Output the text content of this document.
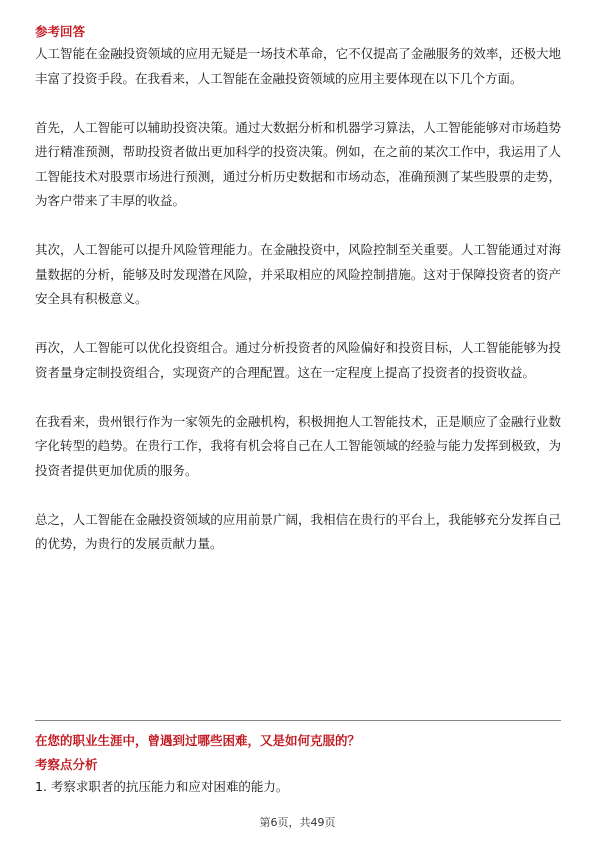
参考回答

人工智能在金融投资领域的应用无疑是一场技术革命，它不仅提高了金融服务的效率，还极大地丰富了投资手段。在我看来，人工智能在金融投资领域的应用主要体现在以下几个方面。

首先，人工智能可以辅助投资决策。通过大数据分析和机器学习算法，人工智能能够对市场趋势进行精准预测，帮助投资者做出更加科学的投资决策。例如，在之前的某次工作中，我运用了人工智能技术对股票市场进行预测，通过分析历史数据和市场动态，准确预测了某些股票的走势，为客户带来了丰厚的收益。

其次，人工智能可以提升风险管理能力。在金融投资中，风险控制至关重要。人工智能通过对海量数据的分析，能够及时发现潜在风险，并采取相应的风险控制措施。这对于保障投资者的资产安全具有积极意义。

再次，人工智能可以优化投资组合。通过分析投资者的风险偏好和投资目标，人工智能能够为投资者量身定制投资组合，实现资产的合理配置。这在一定程度上提高了投资者的投资收益。

在我看来，贵州银行作为一家领先的金融机构，积极拥抱人工智能技术，正是顺应了金融行业数字化转型的趋势。在贵行工作，我将有机会将自己在人工智能领域的经验与能力发挥到极致，为投资者提供更加优质的服务。

总之，人工智能在金融投资领域的应用前景广阔，我相信在贵行的平台上，我能够充分发挥自己的优势，为贵行的发展贡献力量。

在您的职业生涯中，曾遇到过哪些困难，又是如何克服的？

考察点分析

1. 考察求职者的抗压能力和应对困难的能力。

第6页，共49页
